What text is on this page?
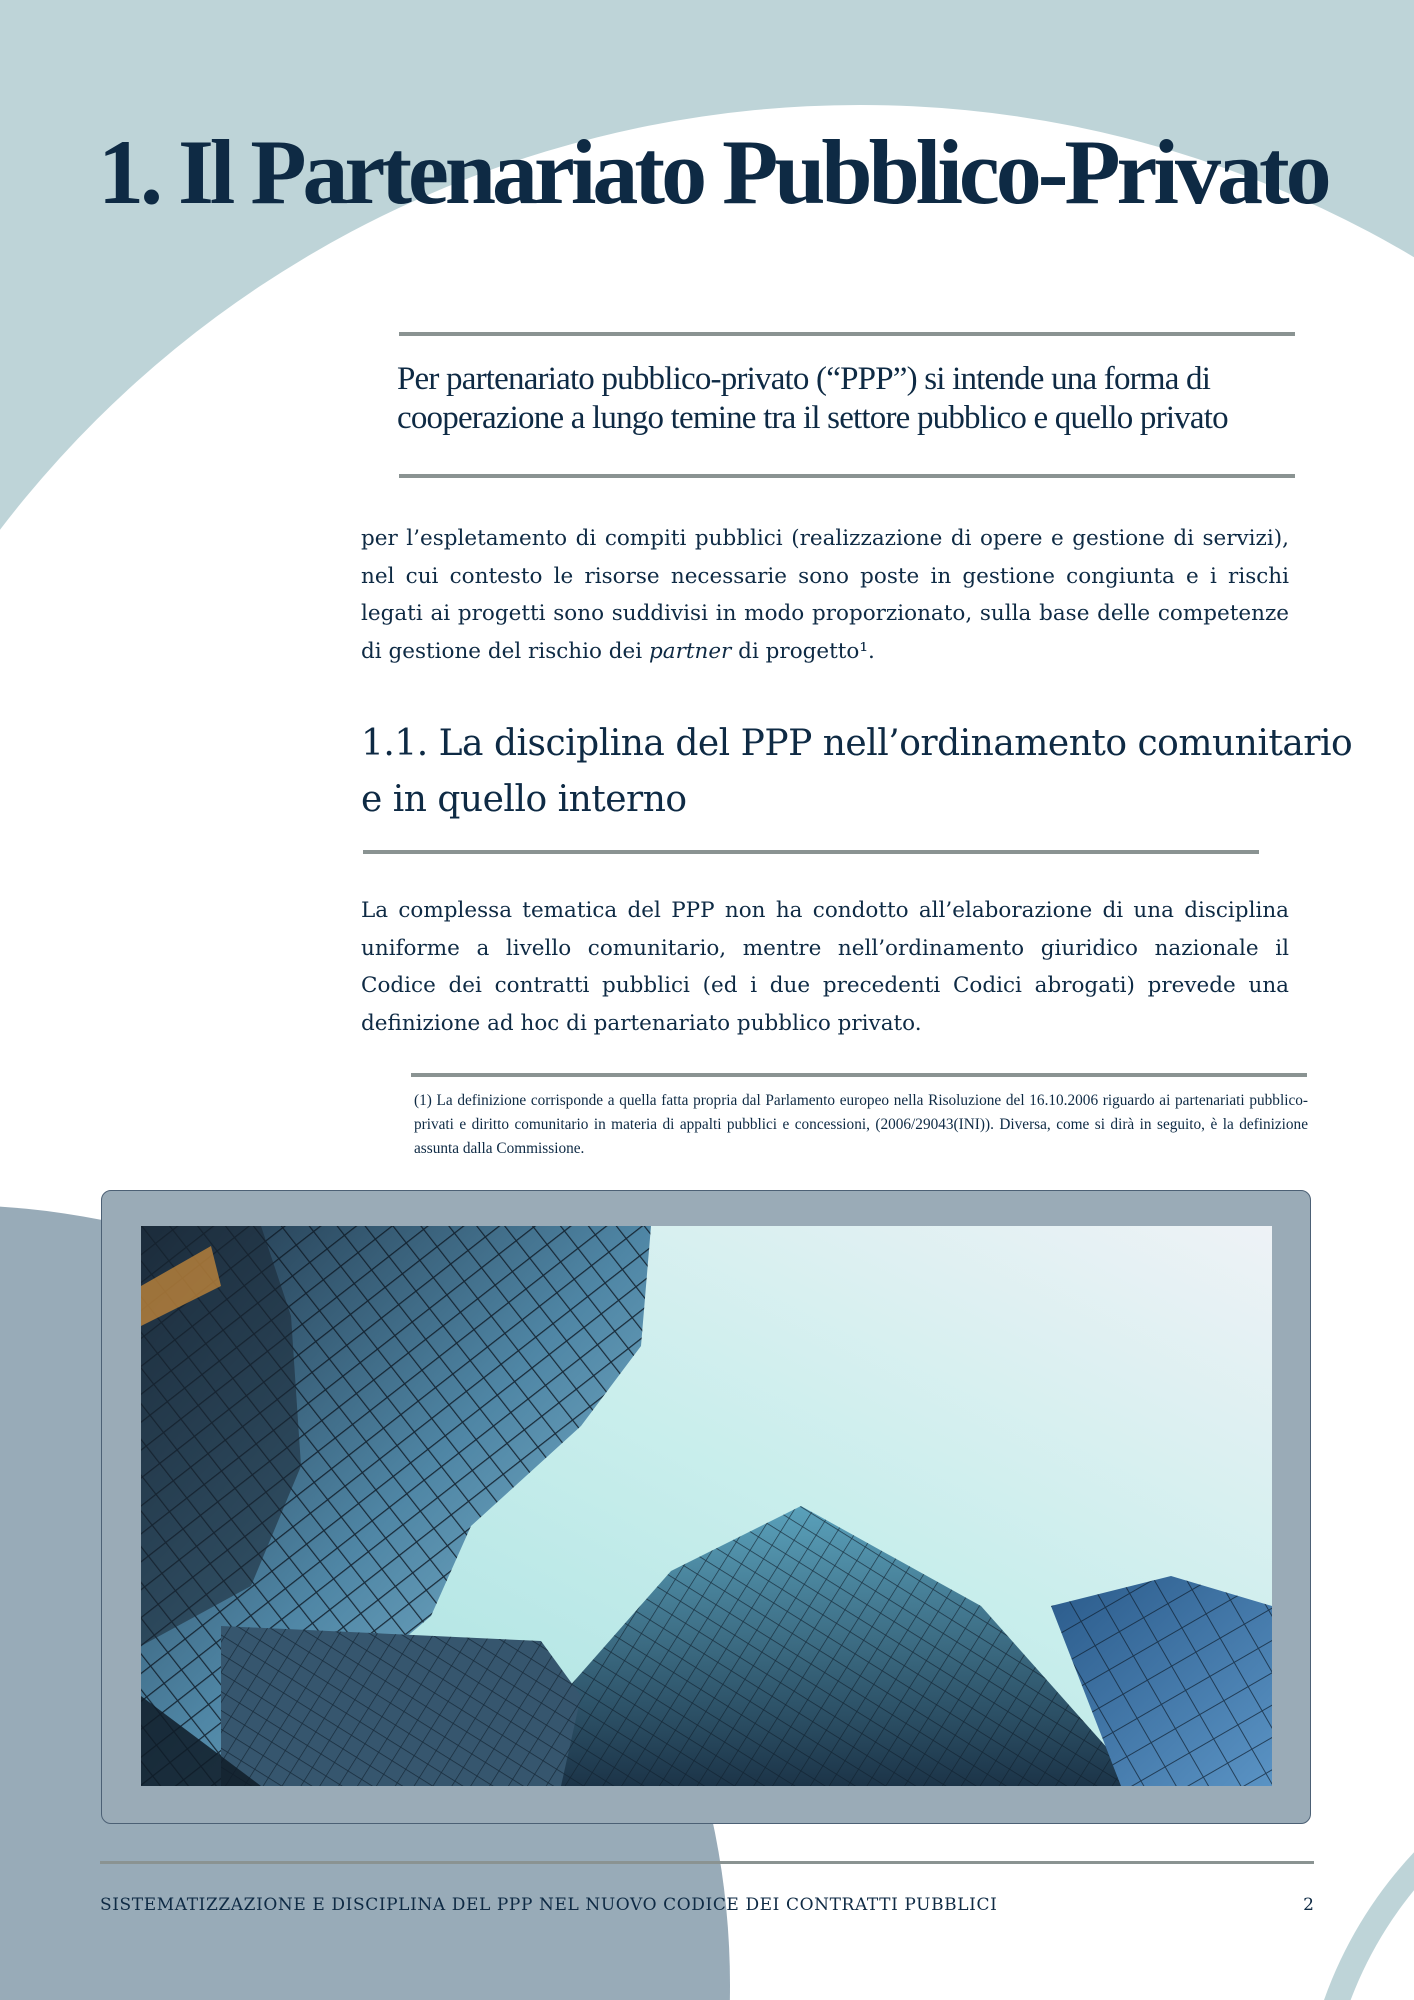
1. Il Partenariato Pubblico-Privato
Per partenariato pubblico-privato (“PPP”) si intende una forma di
cooperazione a lungo temine tra il settore pubblico e quello privato

per l’espletamento di compiti pubblici (realizzazione di opere e gestione di servizi), nel cui contesto le risorse necessarie sono poste in gestione congiunta e i rischi legati ai progetti sono suddivisi in modo proporzionato, sulla base delle competenze di gestione del rischio dei partner di progetto¹.

1.1. La disciplina del PPP nell’ordinamento comunitario
e in quello interno

La complessa tematica del PPP non ha condotto all’elaborazione di una disciplina uniforme a livello comunitario, mentre nell’ordinamento giuridico nazionale il Codice dei contratti pubblici (ed i due precedenti Codici abrogati) prevede una definizione ad hoc di partenariato pubblico privato.

(1) La definizione corrisponde a quella fatta propria dal Parlamento europeo nella Risoluzione del 16.10.2006 riguardo ai partenariati pubblico-privati e diritto comunitario in materia di appalti pubblici e concessioni, (2006/29043(INI)). Diversa, come si dirà in seguito, è la definizione assunta dalla Commissione.

SISTEMATIZZAZIONE E DISCIPLINA DEL PPP NEL NUOVO CODICE DEI CONTRATTI PUBBLICI	2
